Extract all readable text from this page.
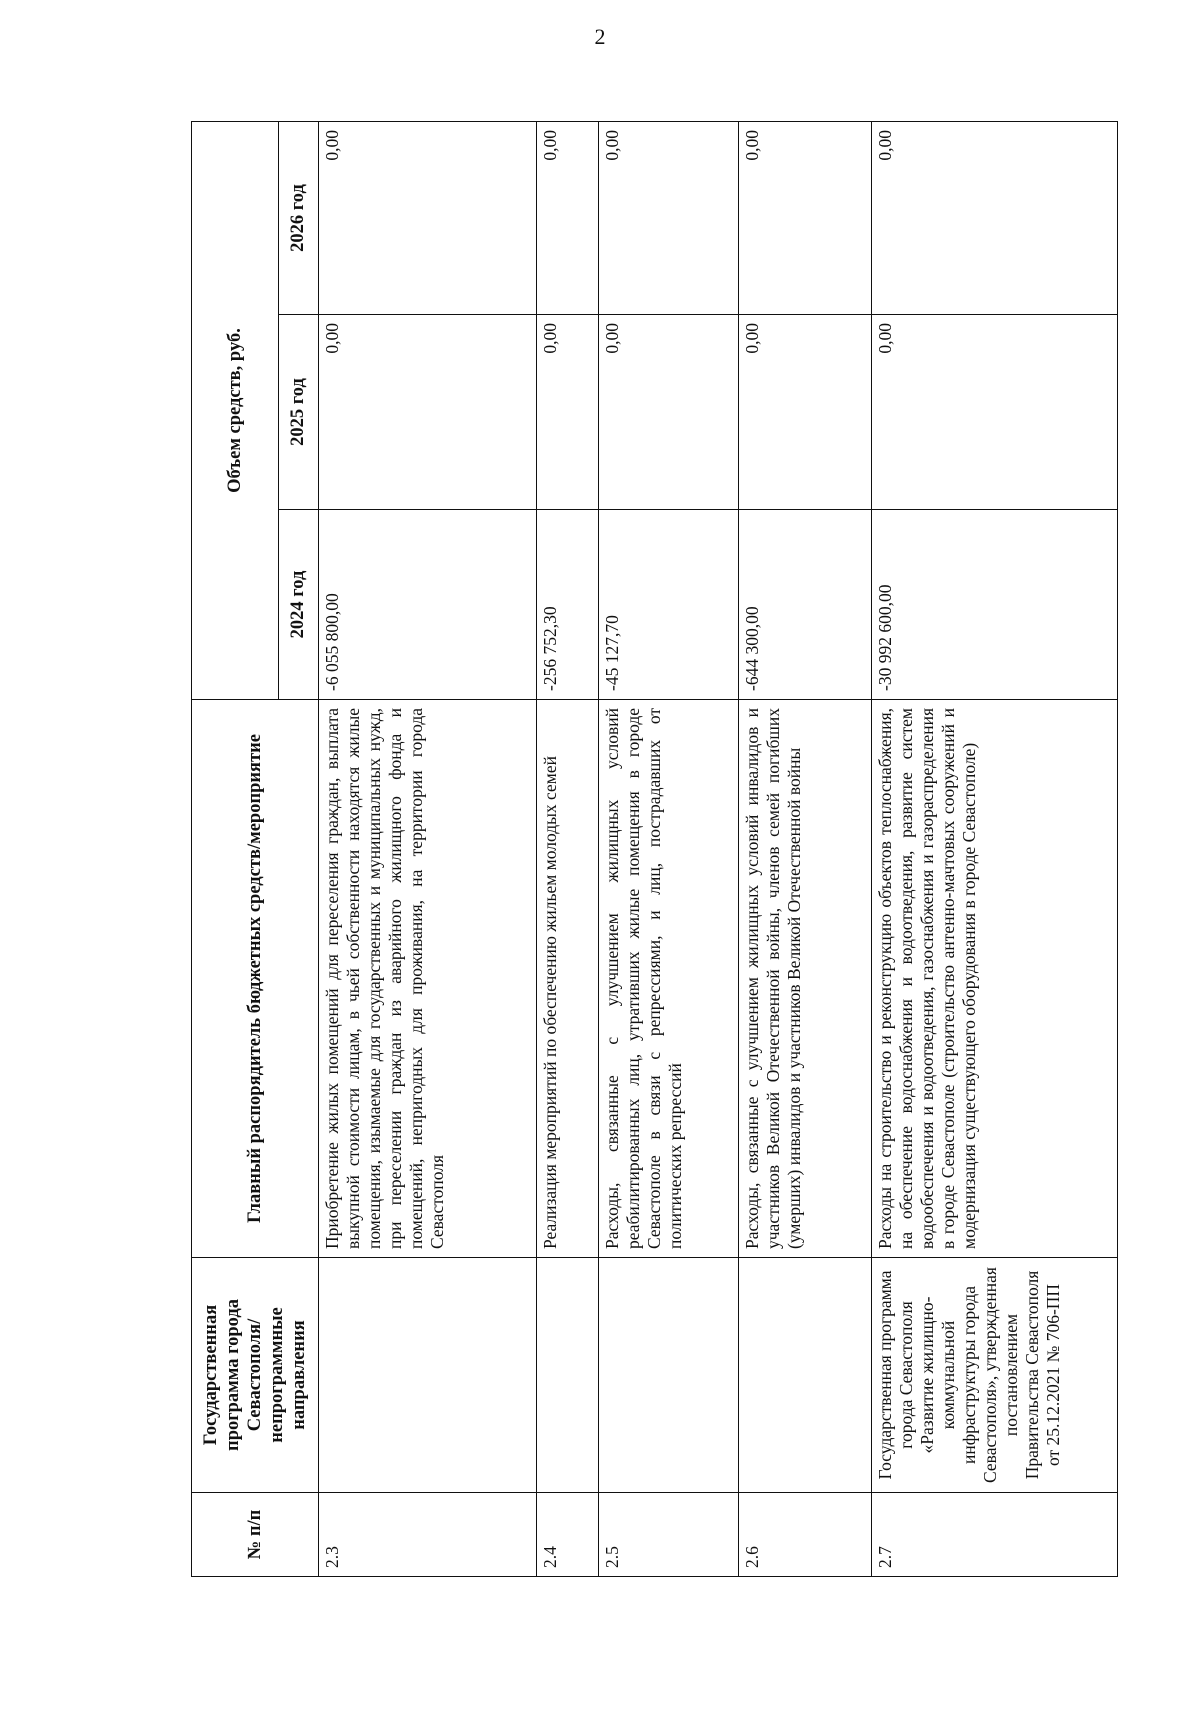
2
№ п/п	Государственная программа города Севастополя/ непрограммные направления	Главный распорядитель бюджетных средств/мероприятие	Объем средств, руб.		
			2024 год	2025 год	2026 год
2.3		Приобретение жилых помещений для переселения граждан, выплата выкупной стоимости лицам, в чьей собственности находятся жилые помещения, изымаемые для государственных и муниципальных нужд, при переселении граждан из аварийного жилищного фонда и помещений, непригодных для проживания, на территории города Севастополя	-6 055 800,00	0,00	0,00
2.4		Реализация мероприятий по обеспечению жильем молодых семей	-256 752,30	0,00	0,00
2.5		Расходы, связанные с улучшением жилищных условий реабилитированных лиц, утративших жилые помещения в городе Севастополе в связи с репрессиями, и лиц, пострадавших от политических репрессий	-45 127,70	0,00	0,00
2.6		Расходы, связанные с улучшением жилищных условий инвалидов и участников Великой Отечественной войны, членов семей погибших (умерших) инвалидов и участников Великой Отечественной войны	-644 300,00	0,00	0,00
2.7	Государственная программа города Севастополя «Развитие жилищно-коммунальной инфраструктуры города Севастополя», утвержденная постановлением Правительства Севастополя от 25.12.2021 № 706-ПП	Расходы на строительство и реконструкцию объектов теплоснабжения, на обеспечение водоснабжения и водоотведения, развитие систем водообеспечения и водоотведения, газоснабжения и газораспределения в городе Севастополе (строительство антенно-мачтовых сооружений и модернизация существующего оборудования в городе Севастополе)	-30 992 600,00	0,00	0,00
